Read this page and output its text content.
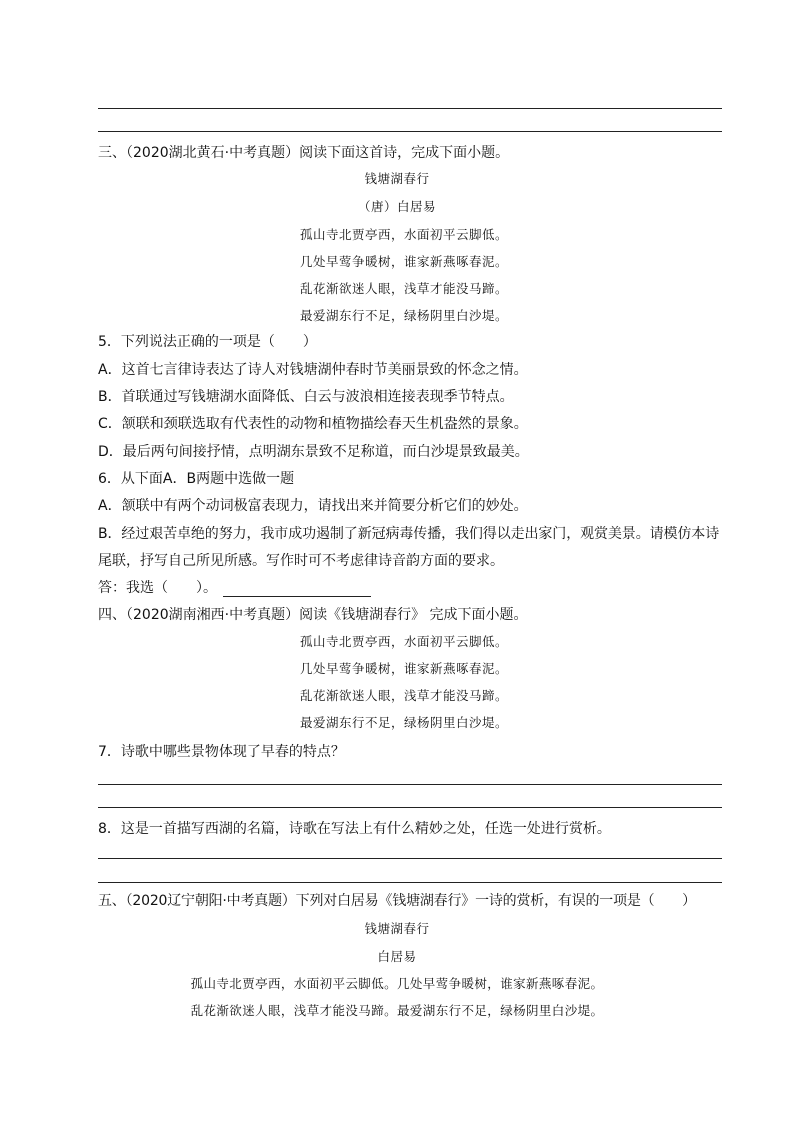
三、（2020湖北黄石·中考真题）阅读下面这首诗，完成下面小题。
钱塘湖春行
（唐）白居易
孤山寺北贾亭西，水面初平云脚低。
几处早莺争暖树，谁家新燕啄春泥。
乱花渐欲迷人眼，浅草才能没马蹄。
最爱湖东行不足，绿杨阴里白沙堤。
5．下列说法正确的一项是（　　）
A．这首七言律诗表达了诗人对钱塘湖仲春时节美丽景致的怀念之情。
B．首联通过写钱塘湖水面降低、白云与波浪相连接表现季节特点。
C．颔联和颈联选取有代表性的动物和植物描绘春天生机盎然的景象。
D．最后两句间接抒情，点明湖东景致不足称道，而白沙堤景致最美。
6．从下面A．B两题中选做一题
A．颔联中有两个动词极富表现力，请找出来并简要分析它们的妙处。
B．经过艰苦卓绝的努力，我市成功遏制了新冠病毒传播，我们得以走出家门，观赏美景。请模仿本诗
尾联，抒写自己所见所感。写作时可不考虑律诗音韵方面的要求。
答：我选（　　）。
四、（2020湖南湘西·中考真题）阅读《钱塘湖春行》 完成下面小题。
孤山寺北贾亭西，水面初平云脚低。
几处早莺争暖树，谁家新燕啄春泥。
乱花渐欲迷人眼，浅草才能没马蹄。
最爱湖东行不足，绿杨阴里白沙堤。
7．诗歌中哪些景物体现了早春的特点？
8．这是一首描写西湖的名篇，诗歌在写法上有什么精妙之处，任选一处进行赏析。
五、（2020辽宁朝阳·中考真题）下列对白居易《钱塘湖春行》一诗的赏析，有误的一项是（　　）
钱塘湖春行
白居易
孤山寺北贾亭西，水面初平云脚低。几处早莺争暖树，谁家新燕啄春泥。
乱花渐欲迷人眼，浅草才能没马蹄。最爱湖东行不足，绿杨阴里白沙堤。
